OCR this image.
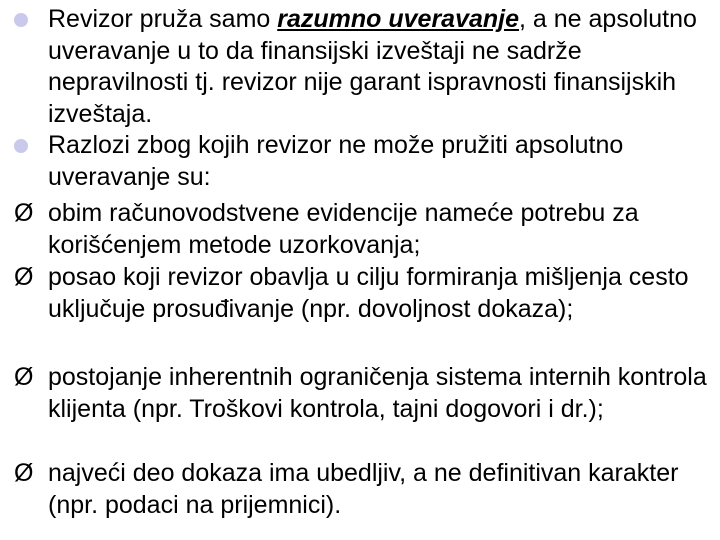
Revizor pruža samo razumno uveravanje, a ne apsolutno uveravanje u to da finansijski izveštaji ne sadrže nepravilnosti tj. revizor nije garant ispravnosti finansijskih izveštaja.
Razlozi zbog kojih revizor ne može pružiti apsolutno uveravanje su:
Ø obim računovodstvene evidencije nameće potrebu za korišćenjem metode uzorkovanja;
Ø posao koji revizor obavlja u cilju formiranja mišljenja cesto uključuje prosuđivanje (npr. dovoljnost dokaza);
Ø postojanje inherentnih ograničenja sistema internih kontrola klijenta (npr. Troškovi kontrola, tajni dogovori i dr.);
Ø najveći deo dokaza ima ubedljiv, a ne definitivan karakter (npr. podaci na prijemnici).
